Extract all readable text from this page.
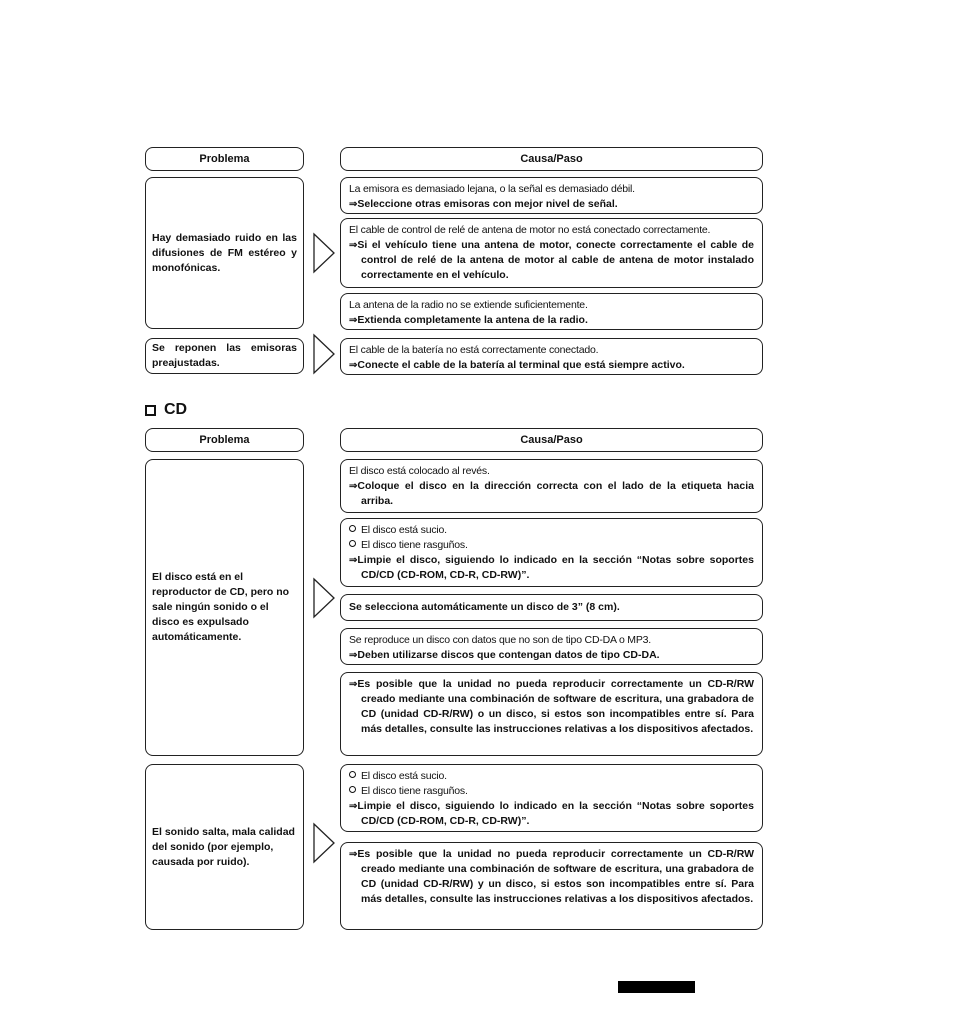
Problema	Causa/Paso
Hay demasiado ruido en las difusiones de FM estéreo y monofónicas.
La emisora es demasiado lejana, o la señal es demasiado débil.
⇒Seleccione otras emisoras con mejor nivel de señal.
El cable de control de relé de antena de motor no está conectado correctamente.
⇒Si el vehículo tiene una antena de motor, conecte correctamente el cable de control de relé de la antena de motor al cable de antena de motor instalado correctamente en el vehículo.
La antena de la radio no se extiende suficientemente.
⇒Extienda completamente la antena de la radio.
Se reponen las emisoras preajustadas.
El cable de la batería no está correctamente conectado.
⇒Conecte el cable de la batería al terminal que está siempre activo.
CD
Problema	Causa/Paso
El disco está en el reproductor de CD, pero no sale ningún sonido o el disco es expulsado automáticamente.
El disco está colocado al revés.
⇒Coloque el disco en la dirección correcta con el lado de la etiqueta hacia arriba.
El disco está sucio.
El disco tiene rasguños.
⇒Limpie el disco, siguiendo lo indicado en la sección “Notas sobre soportes CD/CD (CD-ROM, CD-R, CD-RW)”.
Se selecciona automáticamente un disco de 3” (8 cm).
Se reproduce un disco con datos que no son de tipo CD-DA o MP3.
⇒Deben utilizarse discos que contengan datos de tipo CD-DA.
⇒Es posible que la unidad no pueda reproducir correctamente un CD-R/RW creado mediante una combinación de software de escritura, una grabadora de CD (unidad CD-R/RW) o un disco, si estos son incompatibles entre sí. Para más detalles, consulte las instrucciones relativas a los dispositivos afectados.
El sonido salta, mala calidad del sonido (por ejemplo, causada por ruido).
El disco está sucio.
El disco tiene rasguños.
⇒Limpie el disco, siguiendo lo indicado en la sección “Notas sobre soportes CD/CD (CD-ROM, CD-R, CD-RW)”.
⇒Es posible que la unidad no pueda reproducir correctamente un CD-R/RW creado mediante una combinación de software de escritura, una grabadora de CD (unidad CD-R/RW) y un disco, si estos son incompatibles entre sí. Para más detalles, consulte las instrucciones relativas a los dispositivos afectados.
